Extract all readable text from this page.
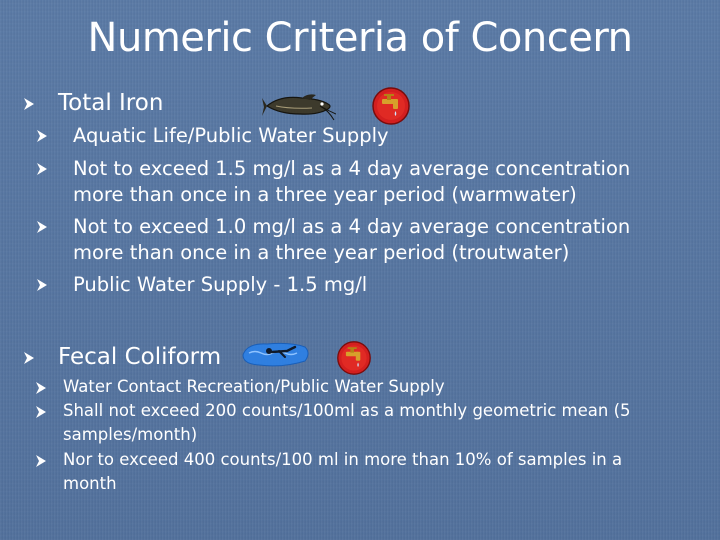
Numeric Criteria of Concern
Total Iron
Aquatic Life/Public Water Supply
Not to exceed 1.5 mg/l as a 4 day average concentration
more than once in a three year period (warmwater)
Not to exceed 1.0 mg/l as a 4 day average concentration
more than once in a three year period (troutwater)
Public Water Supply - 1.5 mg/l
Fecal Coliform
Water Contact Recreation/Public Water Supply
Shall not exceed 200 counts/100ml as a monthly geometric mean (5
samples/month)
Nor to exceed 400 counts/100 ml in more than 10% of samples in a
month
